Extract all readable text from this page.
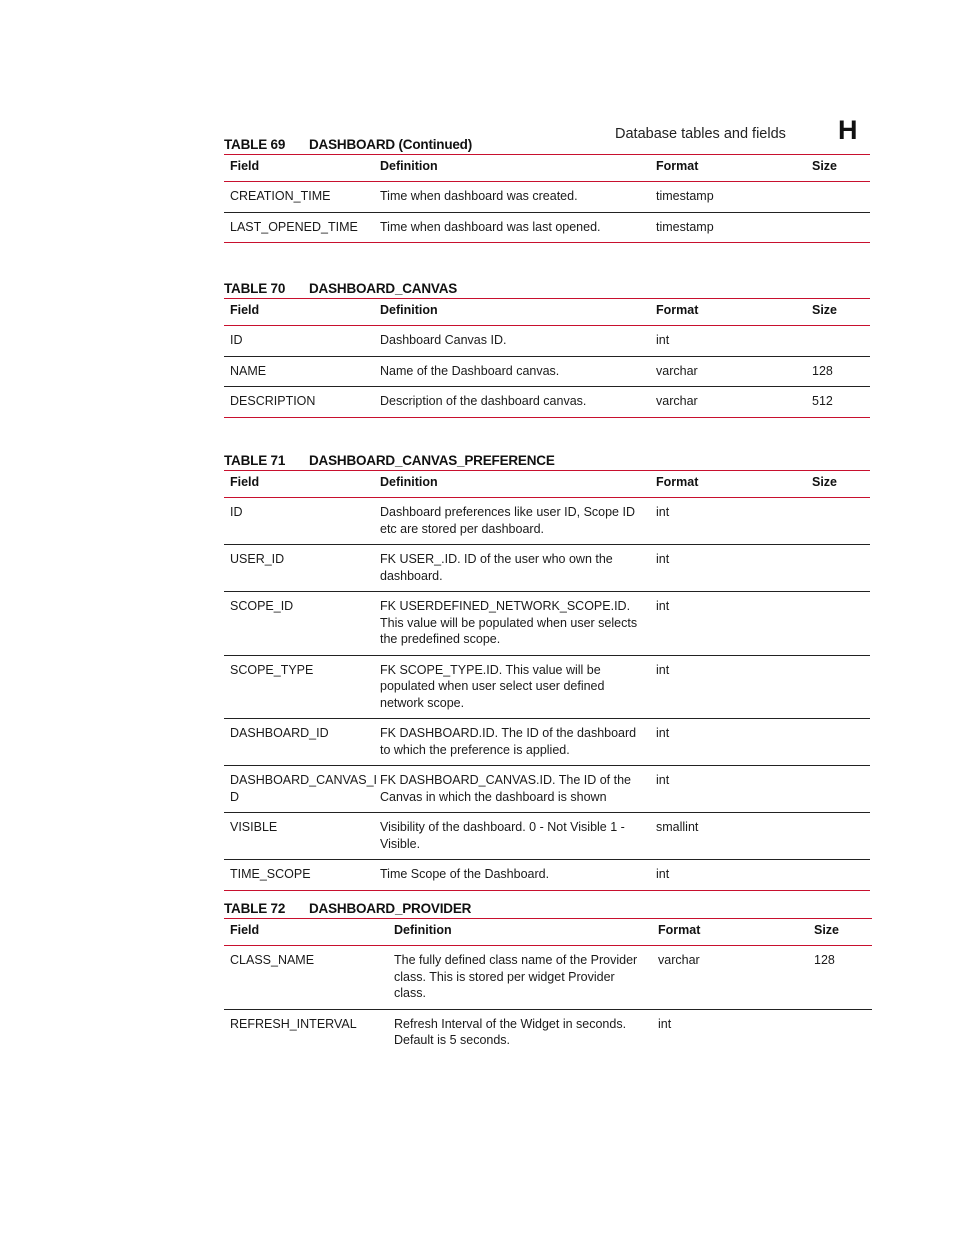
Database tables and fields H
TABLE 69	DASHBOARD (Continued)
Field	Definition	Format	Size
CREATION_TIME	Time when dashboard was created.	timestamp	
LAST_OPENED_TIME	Time when dashboard was last opened.	timestamp	
TABLE 70	DASHBOARD_CANVAS
Field	Definition	Format	Size
ID	Dashboard Canvas ID.	int	
NAME	Name of the Dashboard canvas.	varchar	128
DESCRIPTION	Description of the dashboard canvas.	varchar	512
TABLE 71	DASHBOARD_CANVAS_PREFERENCE
Field	Definition	Format	Size
ID	Dashboard preferences like user ID, Scope ID etc are stored per dashboard.	int	
USER_ID	FK USER_.ID. ID of the user who own the dashboard.	int	
SCOPE_ID	FK USERDEFINED_NETWORK_SCOPE.ID. This value will be populated when user selects the predefined scope.	int	
SCOPE_TYPE	FK SCOPE_TYPE.ID. This value will be populated when user select user defined network scope.	int	
DASHBOARD_ID	FK DASHBOARD.ID. The ID of the dashboard to which the preference is applied.	int	
DASHBOARD_CANVAS_I D	FK DASHBOARD_CANVAS.ID. The ID of the Canvas in which the dashboard is shown	int	
VISIBLE	Visibility of the dashboard. 0 - Not Visible 1 - Visible.	smallint	
TIME_SCOPE	Time Scope of the Dashboard.	int	
TABLE 72	DASHBOARD_PROVIDER
Field	Definition	Format	Size
CLASS_NAME	The fully defined class name of the Provider class. This is stored per widget Provider class.	varchar	128
REFRESH_INTERVAL	Refresh Interval of the Widget in seconds. Default is 5 seconds.	int	
